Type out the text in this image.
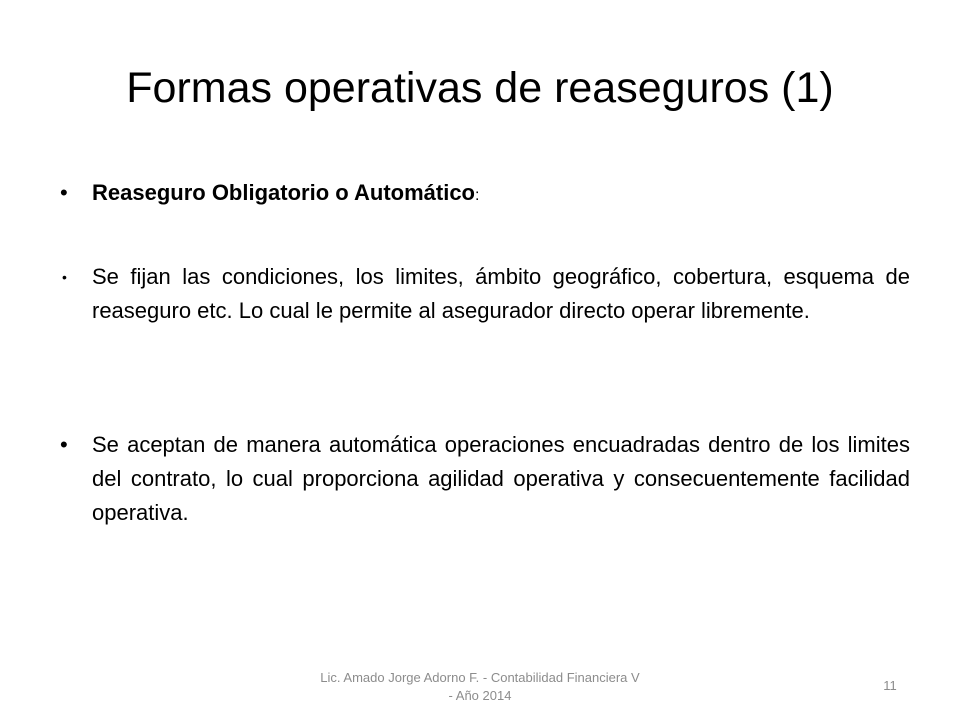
Formas operativas de reaseguros (1)
• Reaseguro Obligatorio o Automático:
• Se fijan las condiciones, los limites, ámbito geográfico, cobertura, esquema de reaseguro etc. Lo cual le permite al asegurador directo operar libremente.
• Se aceptan de manera automática operaciones encuadradas dentro de los limites del contrato, lo cual proporciona agilidad operativa y consecuentemente facilidad operativa.
Lic. Amado Jorge Adorno F. - Contabilidad Financiera V - Año 2014
11
